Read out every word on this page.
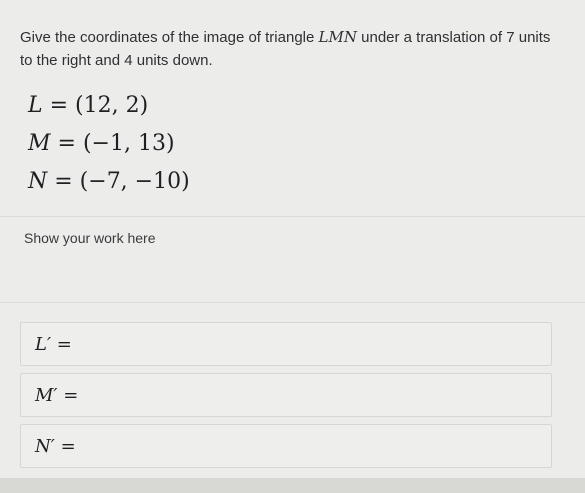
Give the coordinates of the image of triangle LMN under a translation of 7 units to the right and 4 units down.
L = (12, 2)
M = (−1, 13)
N = (−7, −10)
Show your work here
L′ =
M′ =
N′ =
